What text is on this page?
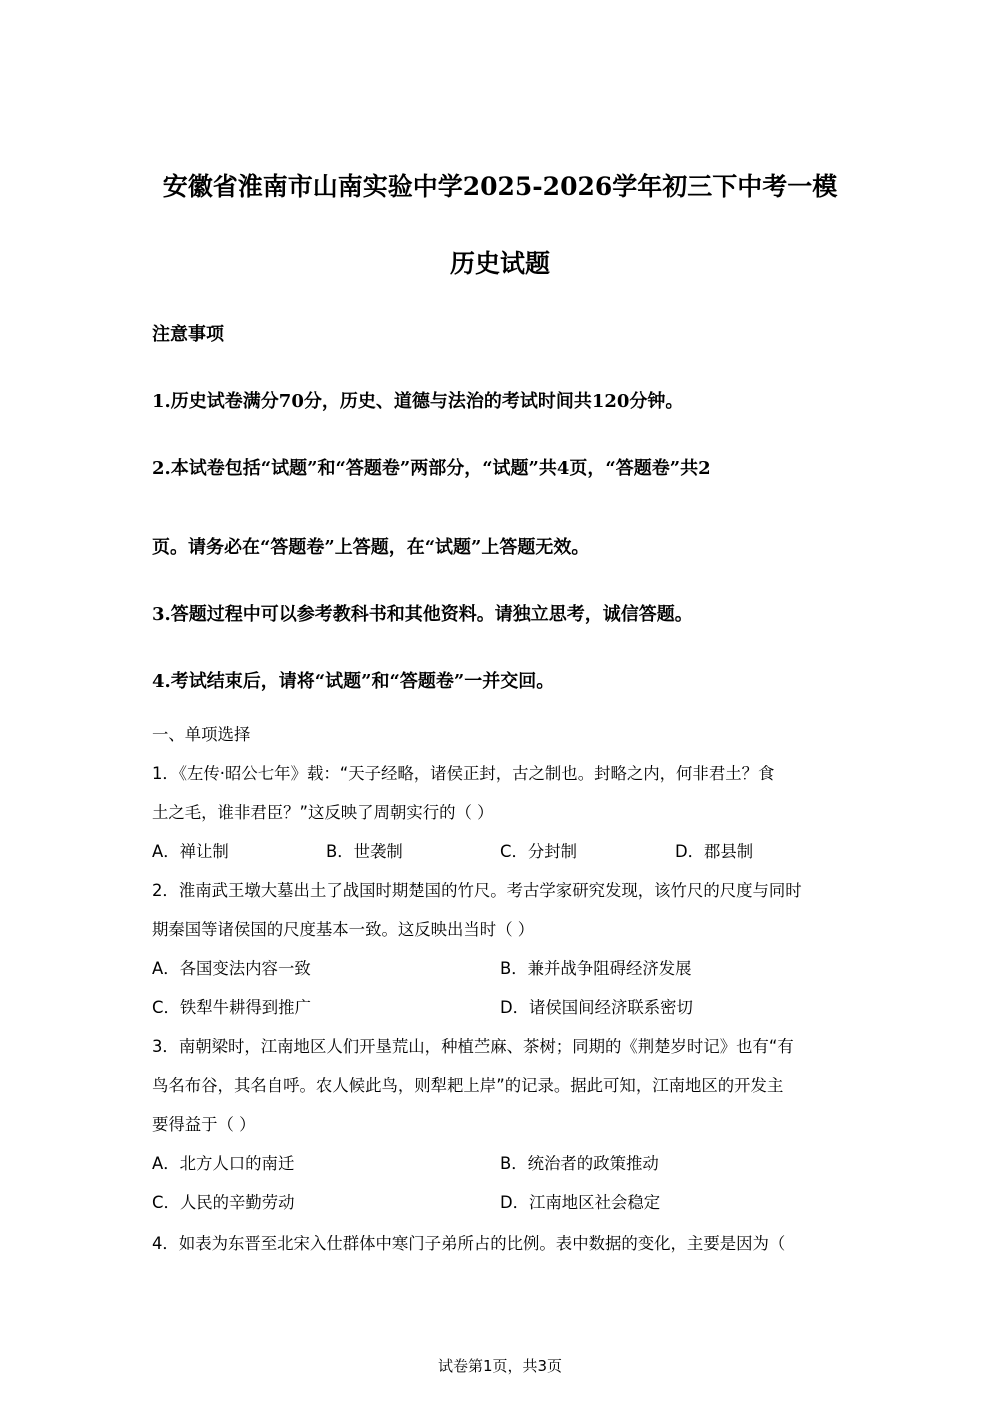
安徽省淮南市山南实验中学2025-2026学年初三下中考一模
历史试题
注意事项
1.历史试卷满分70分，历史、道德与法治的考试时间共120分钟。
2.本试卷包括“试题”和“答题卷”两部分，“试题”共4页，“答题卷”共2
页。请务必在“答题卷”上答题，在“试题”上答题无效。
3.答题过程中可以参考教科书和其他资料。请独立思考，诚信答题。
4.考试结束后，请将“试题”和“答题卷”一并交回。
一、单项选择
1．《左传·昭公七年》载：“天子经略，诸侯正封，古之制也。封略之内，何非君土？食
土之毛，谁非君臣？”这反映了周朝实行的（ ）
A．禅让制	B．世袭制	C．分封制	D．郡县制
2．淮南武王墩大墓出土了战国时期楚国的竹尺。考古学家研究发现，该竹尺的尺度与同时
期秦国等诸侯国的尺度基本一致。这反映出当时（ ）
A．各国变法内容一致	B．兼并战争阻碍经济发展
C．铁犁牛耕得到推广	D．诸侯国间经济联系密切
3．南朝梁时，江南地区人们开垦荒山，种植苎麻、茶树；同期的《荆楚岁时记》也有“有
鸟名布谷，其名自呼。农人候此鸟，则犁耙上岸”的记录。据此可知，江南地区的开发主
要得益于（ ）
A．北方人口的南迁	B．统治者的政策推动
C．人民的辛勤劳动	D．江南地区社会稳定
4．如表为东晋至北宋入仕群体中寒门子弟所占的比例。表中数据的变化，主要是因为（
试卷第1页，共3页
